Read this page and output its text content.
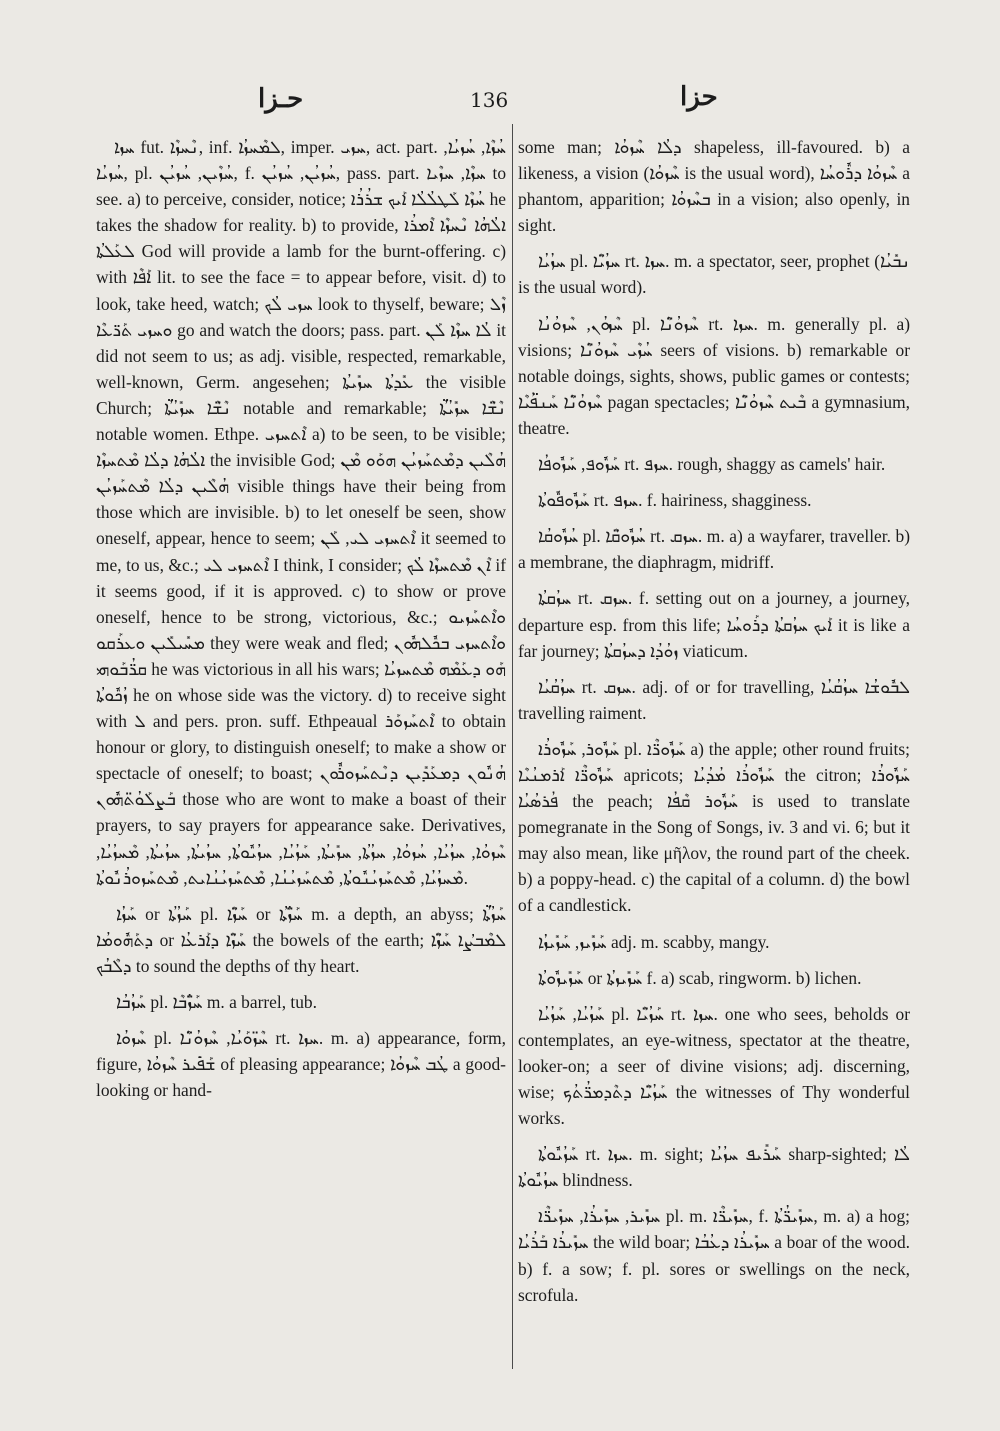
حـﺰﺍ	136	ﺣﺰﺍ

ܚܙܐ fut. ܢܶܚܙܶܐ, inf. ܠܡܶܚܙܳܐ, imper. ܚܙܝ, act. part. ܚܳܙܶܐ, ܚܳܙܝܳܐ, ܚܳܙܝܳܐ, pl. ܚܳܙܶܝܢ, ܚܳܙܝܳܢ, f. ܚܳܙܝܳܢ, ܚܳܙܝܳܢ, pass. part. ܚܙܶܐ, ܚܙܶܝܐ to see. a) to perceive, consider, notice; ܚܳܙܶܐ ܠܰܛܠܳܠܳܐ ܐܰܝܟ ܫܪܳܪܳܐ he takes the shadow for reality. b) to provide, ܐܠܳܗܳܐ ܢܶܚܙܶܐ ܐܶܡܪܳܐ ܠܥܰܠܬܳܐ God will provide a lamb for the burnt-offering. c) with ܐܰܦܶܐ lit. to see the face = to appear before, visit. d) to look, take heed, watch; ܚܙܝ ܠܳܟ look to thyself, beware; ܙܶܠ ܘܚܙܝ ܬܰܪ̈ܥܶܐ go and watch the doors; pass. part. ܠܳܐ ܚܙܶܐ ܠܰܢ it did not seem to us; as adj. visible, respected, remarkable, well-known, Germ. angesehen; ܥܺܕܬܳܐ ܚܙܺܝܬܳܐ the visible Church; ܢܶܫ̈ܶܐ ܚܙܺܝܳܬ̈ܳܐ notable and remarkable; ܢܶܫ̈ܶܐ ܚܙܺܝܳܬ̈ܳܐ notable women. Ethpe. ܐܶܬܚܙܝ a) to be seen, to be visible; ܐܠܳܗܳܐ ܕܠܳܐ ܡܶܬܚܙܶܐ the invisible God; ܗܳܠܶܝܢ ܕܡܶܬܚܰܙܝܳܢ ܗܘܰܘ ܡܶܢ ܗܳܠܶܝܢ ܕܠܳܐ ܡܶܬܚܰܙܝܳܢ visible things have their being from those which are invisible. b) to let oneself be seen, show oneself, appear, hence to seem; ܐܶܬܚܙܝ ܠܝ, ܠܰܢ it seemed to me, to us, &c.; ܐܶܬܚܙܝ ܠܝ I think, I consider; ܐܶܢ ܡܶܬܚܙܶܐ ܠܳܟ if it seems good, if it is approved. c) to show or prove oneself, hence to be strong, victorious, &c.; ܘܐܶܬܚܰܙܝܘ ܡܚܺܝܠܺܝܢ ܘܥܪܰܩܘ they were weak and fled; ܘܐܶܬܚܙܝ ܒܟܽܠܗܽܘܢ ܩܪ̈ܳܒܰܘܗܝ he was victorious in all his wars; ܗܰܘ ܕܥܰܡܶܗ ܡܶܬܚܙܝܳܐ ܙܳܟܽܘܬܳܐ he on whose side was the victory. d) to receive sight with ܠ and pers. pron. suff. Ethpeaual ܐܶܬܚܰܙܘܰܪ to obtain honour or glory, to distinguish oneself; to make a show or spectacle of oneself; to boast; ܗܳܢܽܘܢ ܕܡܥܰܕܺܝܢ ܕܢܶܬܚܰܙܘܪܽܘܢ ܒܰܨܠܰܘܳܬ̈ܗܽܘܢ those who are wont to make a boast of their prayers, to say prayers for appearance sake. Derivatives, ܚܶܙܘܳܐ, ܚܙܳܝܳܐ, ܚܳܙܘܳܐ, ܚܙܳܬܳܐ, ܚܙܺܝܬܳܐ, ܚܰܙܳܝܳܐ, ܚܙܳܝܽܘܬܳܐ, ܚܙܳܝܬܳܐ, ܚܙܳܝܬܳܐ, ܡܶܚܙܳܝܳܐ, ܡܶܚܙܳܝܳܐ, ܡܶܬܚܰܙܝܳܢܽܘܬܳܐ, ܡܶܬܚܰܙܝܳܢܳܐ, ܡܶܬܚܰܙܝܳܢܳܐܝܬ, ܡܶܬܚܰܙܘܪܳܢܽܘܬܳܐ.

ܚܰܙܳܐ or ܚܰܙܳܬܳܐ pl. ܚܰܙ̈ܶܐ or ܚܰܙ̈ܳܬܳܐ m. a depth, an abyss; ܚܰܙܳܬ̈ܳܐ ܕܬܰܗܽܘܡܳܐ or ܚܰܙ̈ܶܐ ܕܐܰܪܥܳܐ the bowels of the earth; ܠܡܶܒܨܳܐ ܚܰܙ̈ܶܐ ܕܠܶܒܳܟ to sound the depths of thy heart.

ܚܰܙܳܒܳܐ pl. ܚܰܙ̈ܳܒܶܐ m. a barrel, tub.

ܚܶܙܘܳܐ pl. ܚܶܙ̈ܘܰܝܳܐ, ܚܶܙܘܳܢ̈ܶܐ rt. ܚܙܐ. m. a) appearance, form, figure, ܫܰܦܺܝܪ ܚܶܙܘܳܐ of pleasing appearance; ܛܳܒ ܚܶܙܘܳܐ a good-looking or hand-

some man; ܕܠܳܐ ܚܶܙܘܳܐ shapeless, ill-favoured. b) a likeness, a vision (ܚܶܙܘܳܐ is the usual word), ܚܶܙܘܳܐ ܕܪܽܘܚܳܐ a phantom, apparition; ܒܚܶܙܘܳܐ in a vision; also openly, in sight.

ܚܙܳܝܳܐ pl. ܚܙܳܝ̈ܶܐ rt. ܚܙܐ. m. a spectator, seer, prophet (ܢܒܺܝܳܐ is the usual word).

ܚܶܙܘܳܢ, ܚܶܙܘܳܢܳܐ pl. ܚܶܙܘܳܢ̈ܶܐ rt. ܚܙܐ. m. generally pl. a) visions; ܚܳܙܶܝ ܚܶܙܘܳܢ̈ܶܐ seers of visions. b) remarkable or notable doings, sights, shows, public games or contests; ܚܶܙܘܳܢ̈ܶܐ ܚܰܢܦ̈ܳܝܶܐ pagan spectacles; ܒܶܝܬ ܚܶܙܘܳܢ̈ܶܐ a gymnasium, theatre.

ܚܰܙܽܘܦ, ܚܰܙܽܘܦܳܐ rt. ܚܙܦ. rough, shaggy as camels' hair.

ܚܰܙܽܘܦܽܘܬܳܐ rt. ܚܙܦ. f. hairiness, shagginess.

ܚܳܙܽܘܩܳܐ pl. ܚܳܙܽܘܩ̈ܶܐ rt. ܚܙܩ. m. a) a wayfarer, traveller. b) a membrane, the diaphragm, midriff.

ܚܙܳܩܬܳܐ rt. ܚܙܩ. f. setting out on a journey, a journey, departure esp. from this life; ܐܰܝܟ ܚܙܳܩܬܳܐ ܕܪܰܘܚܳܐ it is like a far journey; ܙܘܳܕܳܐ ܕܚܙܳܩܬܳܐ viaticum.

ܚܙܳܩܳܝܳܐ rt. ܚܙܩ. adj. of or for travelling, ܠܒܽܘܫܳܐ ܚܙܳܩܳܝܳܐ travelling raiment.

ܚܰܙܽܘܪ, ܚܰܙܽܘܪܳܐ pl. ܚܰܙܽܘܪ̈ܶܐ a) the apple; other round fruits; ܚܰܙܽܘܪ̈ܶܐ ܐܰܪܡܢܳܝܶܐ apricots; ܚܰܙܽܘܪܳܐ ܡܳܕܳܝܳܐ the citron; ܚܰܙܽܘܪܳܐ ܦܳܪܣܳܝܳܐ the peach; ܚܰܙܽܘܪ ܩܶܦܳܐ is used to translate pomegranate in the Song of Songs, iv. 3 and vi. 6; but it may also mean, like μῆλον, the round part of the cheek. b) a poppy-head. c) the capital of a column. d) the bowl of a candlestick.

ܚܰܙܺܝܙ, ܚܰܙܺܝܙܳܐ adj. m. scabby, mangy.

ܚܰܙܺܝܙܽܘܬܳܐ or ܚܰܙܺܝܙܬܳܐ f. a) scab, ringworm. b) lichen.

ܚܰܙܳܝܳܐ, ܚܰܙܳܝܳܐ pl. ܚܰܙܳܝ̈ܶܐ rt. ܚܙܐ. one who sees, beholds or contemplates, an eye-witness, spectator at the theatre, looker-on; a seer of divine visions; adj. discerning, wise; ܚܰܙܳܝ̈ܶܐ ܕܬܶܕܡܪ̈ܳܬܳܟ the witnesses of Thy wonderful works.

ܚܰܙܳܝܽܘܬܳܐ rt. ܚܙܐ. m. sight; ܚܰܪܺܝܦ ܚܙܳܝܳܐ sharp-sighted; ܠܳܐ ܚܙܳܝܽܘܬܳܐ blindness.

ܚܙܺܝܪ, ܚܙܺܝܪܳܐ, ܚܙܺܝܪ̈ܶܐ pl. m. ܚܙܺܝܪ̈ܶܐ, f. ܚܙܺܝܪ̈ܳܬܳܐ, m. a) a hog; ܚܙܺܝܪܳܐ ܒܰܪܳܝܳܐ the wild boar; ܚܙܺܝܪܳܐ ܕܥܳܒܳܐ a boar of the wood. b) f. a sow; f. pl. sores or swellings on the neck, scrofula.
